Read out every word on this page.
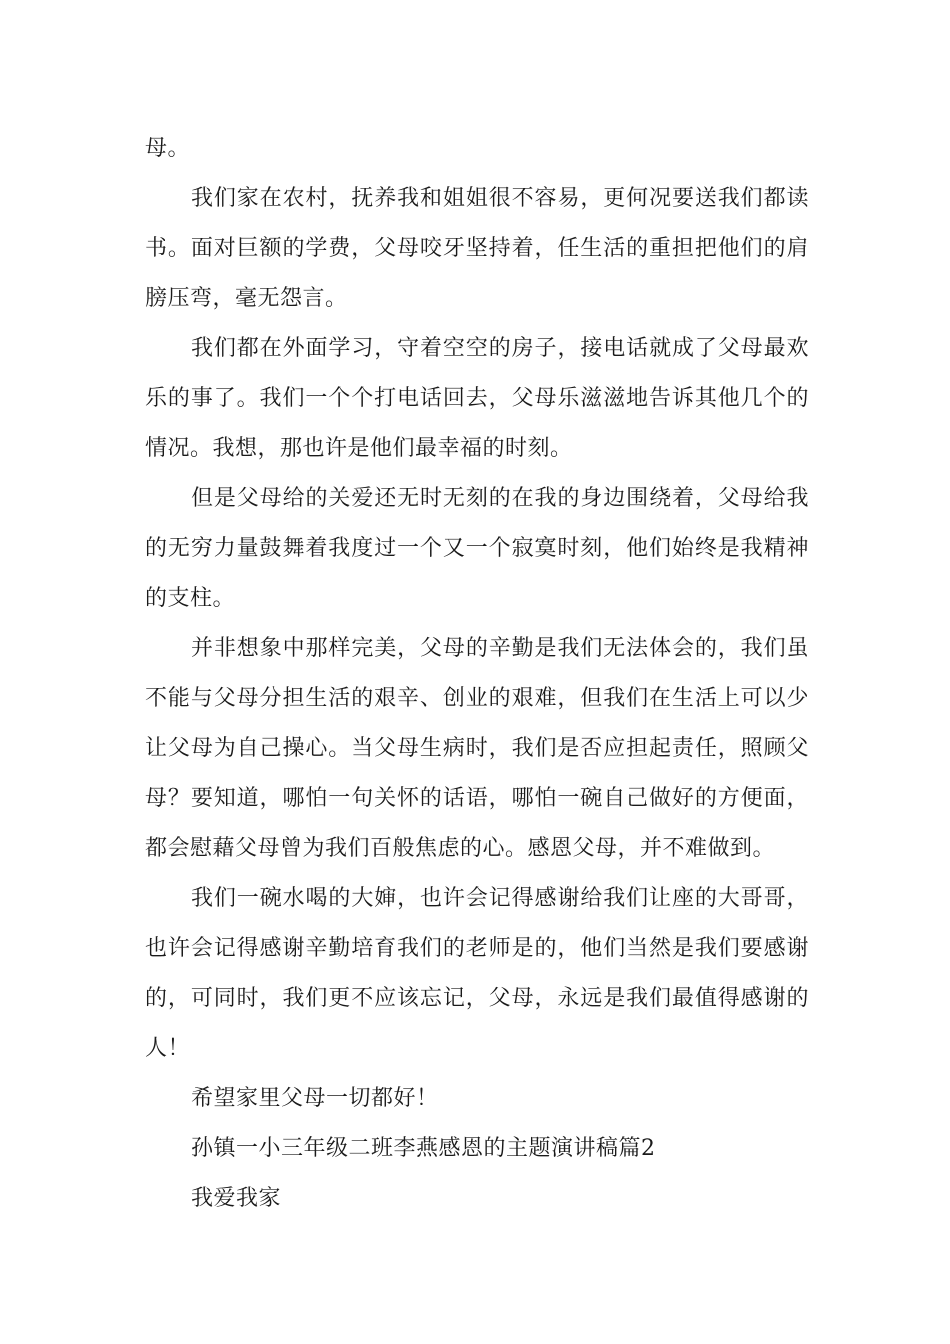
母。

我们家在农村，抚养我和姐姐很不容易，更何况要送我们都读书。面对巨额的学费，父母咬牙坚持着，任生活的重担把他们的肩膀压弯，毫无怨言。

我们都在外面学习，守着空空的房子，接电话就成了父母最欢乐的事了。我们一个个打电话回去，父母乐滋滋地告诉其他几个的情况。我想，那也许是他们最幸福的时刻。

但是父母给的关爱还无时无刻的在我的身边围绕着，父母给我的无穷力量鼓舞着我度过一个又一个寂寞时刻，他们始终是我精神的支柱。

并非想象中那样完美，父母的辛勤是我们无法体会的，我们虽不能与父母分担生活的艰辛、创业的艰难，但我们在生活上可以少让父母为自己操心。当父母生病时，我们是否应担起责任，照顾父母？要知道，哪怕一句关怀的话语，哪怕一碗自己做好的方便面，都会慰藉父母曾为我们百般焦虑的心。感恩父母，并不难做到。

我们一碗水喝的大婶，也许会记得感谢给我们让座的大哥哥，也许会记得感谢辛勤培育我们的老师是的，他们当然是我们要感谢的，可同时，我们更不应该忘记，父母，永远是我们最值得感谢的人！

希望家里父母一切都好！

孙镇一小三年级二班李燕感恩的主题演讲稿篇2

我爱我家
